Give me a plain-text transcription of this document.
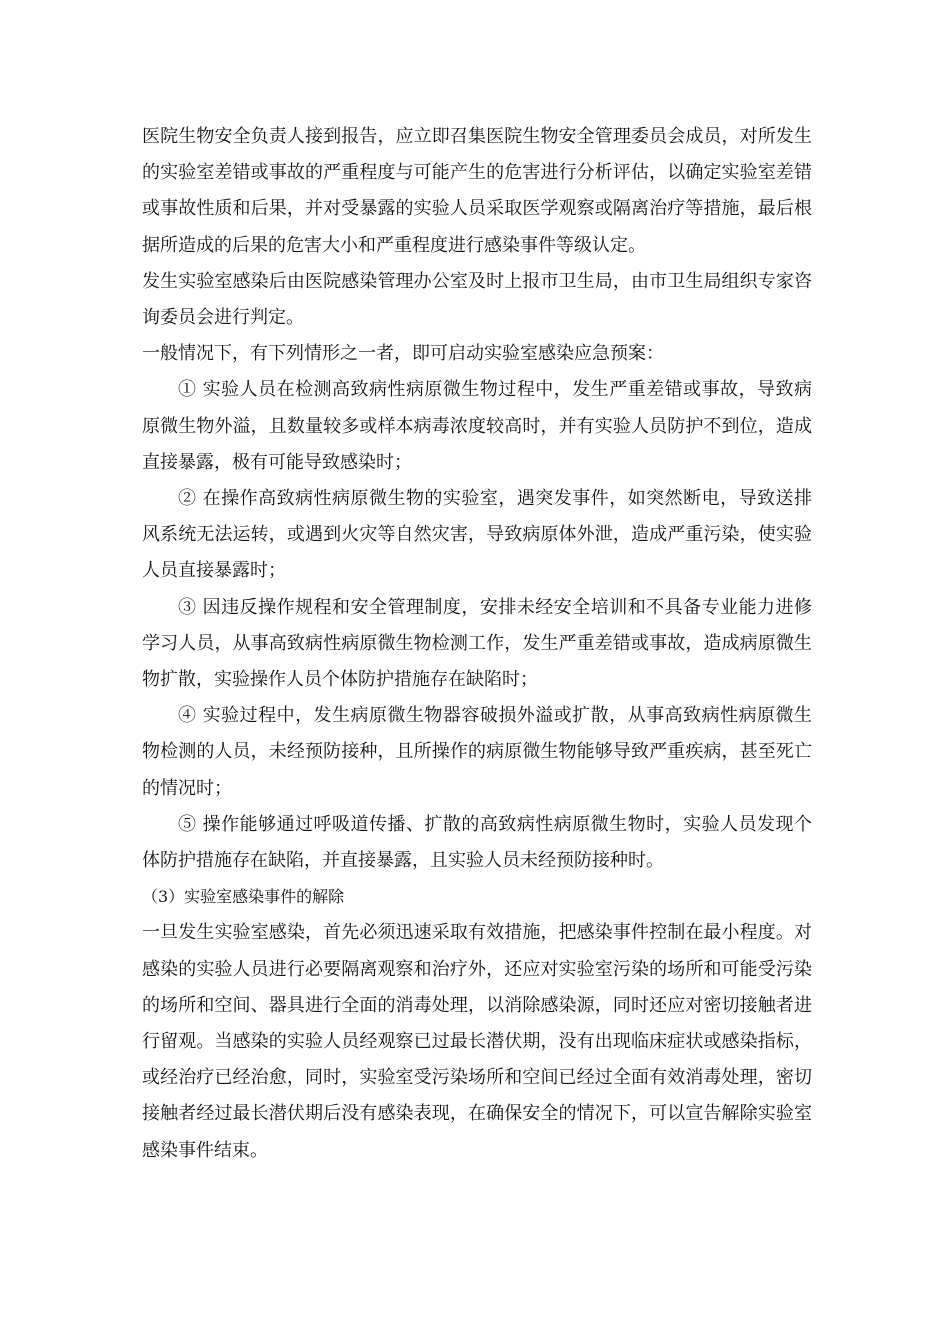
医院生物安全负责人接到报告，应立即召集医院生物安全管理委员会成员，对所发生的实验室差错或事故的严重程度与可能产生的危害进行分析评估，以确定实验室差错或事故性质和后果，并对受暴露的实验人员采取医学观察或隔离治疗等措施，最后根据所造成的后果的危害大小和严重程度进行感染事件等级认定。

发生实验室感染后由医院感染管理办公室及时上报市卫生局，由市卫生局组织专家咨询委员会进行判定。

一般情况下，有下列情形之一者，即可启动实验室感染应急预案：

① 实验人员在检测高致病性病原微生物过程中，发生严重差错或事故，导致病原微生物外溢，且数量较多或样本病毒浓度较高时，并有实验人员防护不到位，造成直接暴露，极有可能导致感染时；

② 在操作高致病性病原微生物的实验室，遇突发事件，如突然断电，导致送排风系统无法运转，或遇到火灾等自然灾害，导致病原体外泄，造成严重污染，使实验人员直接暴露时；

③ 因违反操作规程和安全管理制度，安排未经安全培训和不具备专业能力进修学习人员，从事高致病性病原微生物检测工作，发生严重差错或事故，造成病原微生物扩散，实验操作人员个体防护措施存在缺陷时；

④ 实验过程中，发生病原微生物器容破损外溢或扩散，从事高致病性病原微生物检测的人员，未经预防接种，且所操作的病原微生物能够导致严重疾病，甚至死亡的情况时；

⑤ 操作能够通过呼吸道传播、扩散的高致病性病原微生物时，实验人员发现个体防护措施存在缺陷，并直接暴露，且实验人员未经预防接种时。

（3）实验室感染事件的解除

一旦发生实验室感染，首先必须迅速采取有效措施，把感染事件控制在最小程度。对感染的实验人员进行必要隔离观察和治疗外，还应对实验室污染的场所和可能受污染的场所和空间、器具进行全面的消毒处理，以消除感染源，同时还应对密切接触者进行留观。当感染的实验人员经观察已过最长潜伏期，没有出现临床症状或感染指标，或经治疗已经治愈，同时，实验室受污染场所和空间已经过全面有效消毒处理，密切接触者经过最长潜伏期后没有感染表现，在确保安全的情况下，可以宣告解除实验室感染事件结束。
